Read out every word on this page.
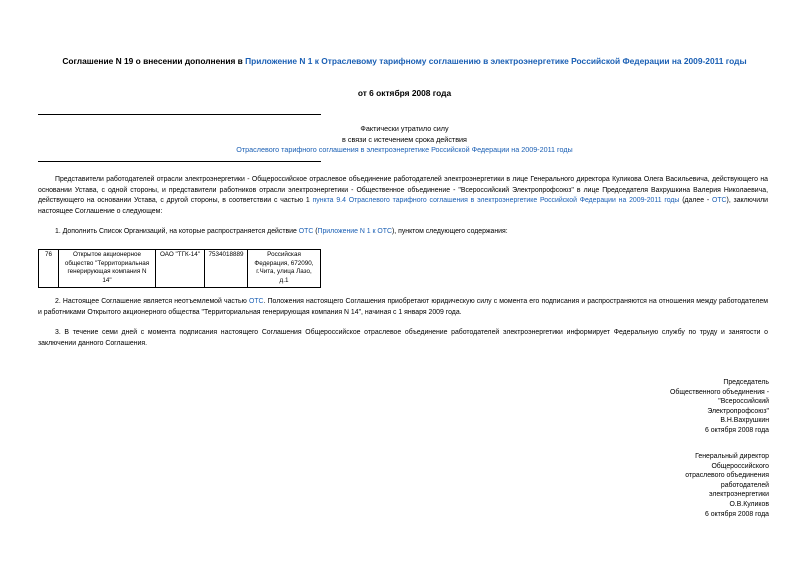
Соглашение N 19 о внесении дополнения в Приложение N 1 к Отраслевому тарифному соглашению в электроэнергетике Российской Федерации на 2009-2011 годы
от 6 октября 2008 года
Фактически утратило силу
в связи с истечением срока действия
Отраслевого тарифного соглашения в электроэнергетике Российской Федерации на 2009-2011 годы
Представители работодателей отрасли электроэнергетики - Общероссийское отраслевое объединение работодателей электроэнергетики в лице Генерального директора Куликова Олега Васильевича, действующего на основании Устава, с одной стороны, и представители работников отрасли электроэнергетики - Общественное объединение - "Всероссийский Электропрофсоюз" в лице Председателя Вахрушкина Валерия Николаевича, действующего на основании Устава, с другой стороны, в соответствии с частью 1 пункта 9.4 Отраслевого тарифного соглашения в электроэнергетике Российской Федерации на 2009-2011 годы (далее - ОТС), заключили настоящее Соглашение о следующем:
1. Дополнить Список Организаций, на которые распространяется действие ОТС (Приложение N 1 к ОТС), пунктом следующего содержания:
76	Открытое акционерное общество "Территориальная генерирующая компания N 14"	ОАО "ТГК-14"	7534018889	Российская Федерация, 672090, г.Чита, улица Лазо, д.1
2. Настоящее Соглашение является неотъемлемой частью ОТС. Положения настоящего Соглашения приобретают юридическую силу с момента его подписания и распространяются на отношения между работодателем и работниками Открытого акционерного общества "Территориальная генерирующая компания N 14", начиная с 1 января 2009 года.
3. В течение семи дней с момента подписания настоящего Соглашения Общероссийское отраслевое объединение работодателей электроэнергетики информирует Федеральную службу по труду и занятости о заключении данного Соглашения.
Председатель
Общественного объединения -
"Всероссийский
Электропрофсоюз"
В.Н.Вахрушкин
6 октября 2008 года
Генеральный директор
Общероссийского
отраслевого объединения
работодателей
электроэнергетики
О.В.Куликов
6 октября 2008 года
